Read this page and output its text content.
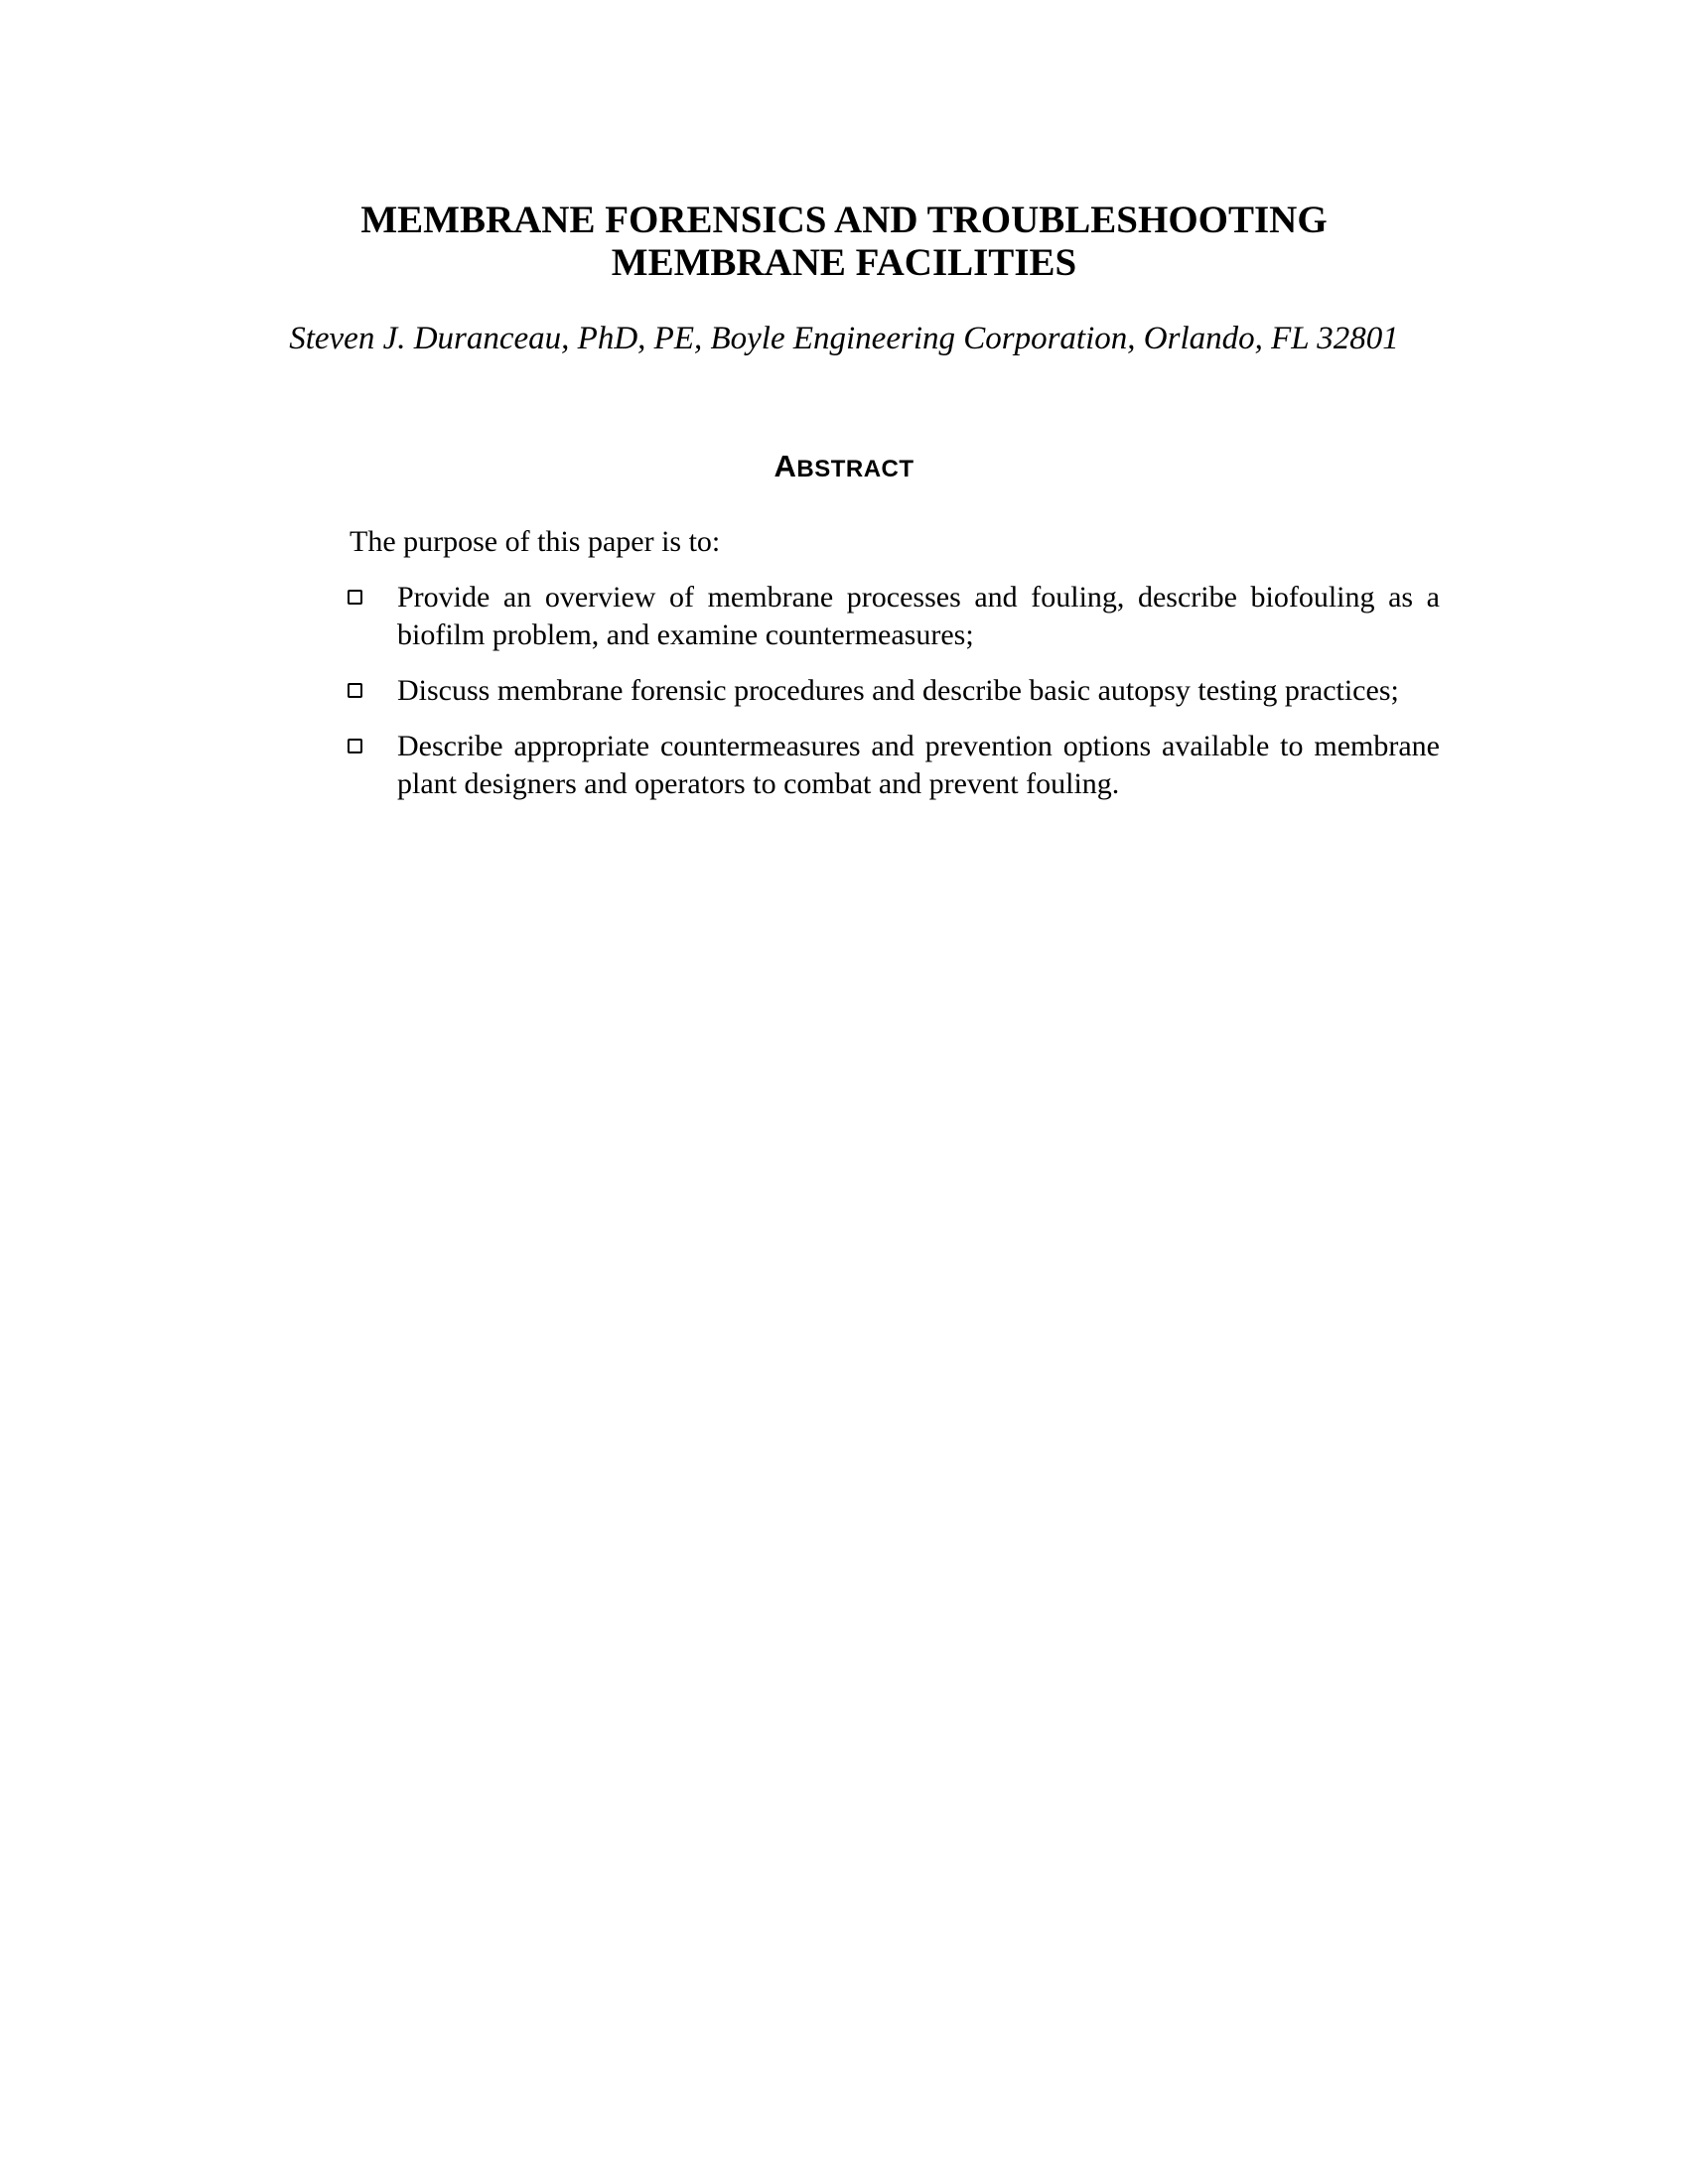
MEMBRANE FORENSICS AND TROUBLESHOOTING
MEMBRANE FACILITIES
Steven J. Duranceau, PhD, PE, Boyle Engineering Corporation, Orlando, FL 32801
ABSTRACT

The purpose of this paper is to:

Provide an overview of membrane processes and fouling, describe biofouling as a biofilm problem, and examine countermeasures;
Discuss membrane forensic procedures and describe basic autopsy testing practices;
Describe appropriate countermeasures and prevention options available to membrane plant designers and operators to combat and prevent fouling.
